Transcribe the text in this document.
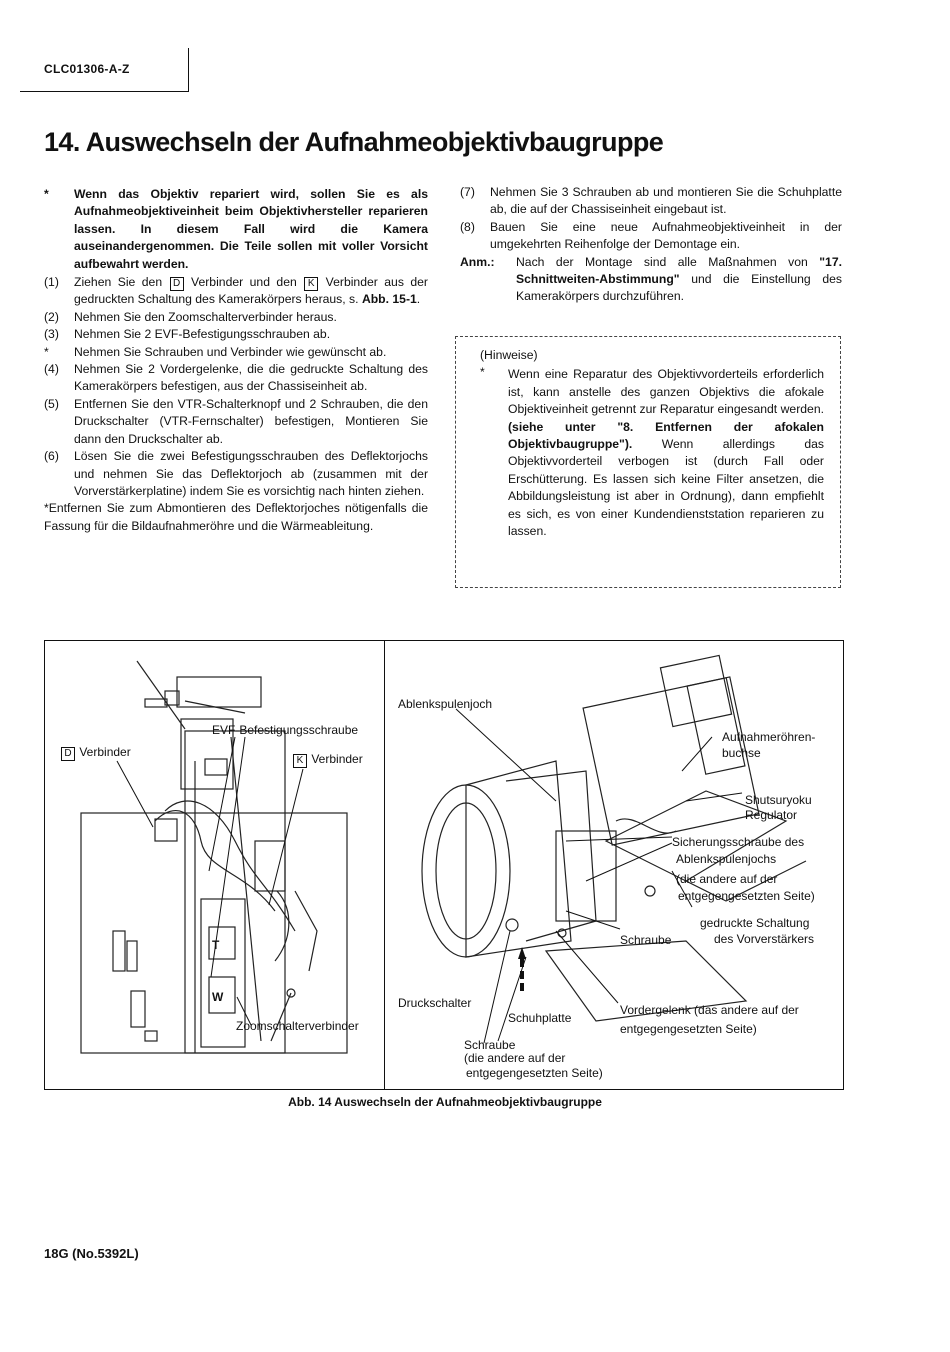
CLC01306-A-Z
14. Auswechseln der Aufnahmeobjektivbaugruppe
* Wenn das Objektiv repariert wird, sollen Sie es als Aufnahmeobjektiveinheit beim Objektivhersteller reparieren lassen. In diesem Fall wird die Kamera auseinandergenommen. Die Teile sollen mit voller Vorsicht aufbewahrt werden.
(1) Ziehen Sie den D Verbinder und den K Verbinder aus der gedruckten Schaltung des Kamerakörpers heraus, s. Abb. 15-1.
(2) Nehmen Sie den Zoomschalterverbinder heraus.
(3) Nehmen Sie 2 EVF-Befestigungsschrauben ab.
* Nehmen Sie Schrauben und Verbinder wie gewünscht ab.
(4) Nehmen Sie 2 Vordergelenke, die die gedruckte Schaltung des Kamerakörpers befestigen, aus der Chassiseinheit ab.
(5) Entfernen Sie den VTR-Schalterknopf und 2 Schrauben, die den Druckschalter (VTR-Fernschalter) befestigen, Montieren Sie dann den Druckschalter ab.
(6) Lösen Sie die zwei Befestigungsschrauben des Deflektorjochs und nehmen Sie das Deflektorjoch ab (zusammen mit der Vorverstärkerplatine) indem Sie es vorsichtig nach hinten ziehen.
*Entfernen Sie zum Abmontieren des Deflektorjoches nötigenfalls die Fassung für die Bildaufnahmeröhre und die Wärmeableitung.
(7) Nehmen Sie 3 Schrauben ab und montieren Sie die Schuhplatte ab, die auf der Chassiseinheit eingebaut ist.
(8) Bauen Sie eine neue Aufnahmeobjektiveinheit in der umgekehrten Reihenfolge der Demontage ein.
Anm.: Nach der Montage sind alle Maßnahmen von "17. Schnittweiten-Abstimmung" und die Einstellung des Kamerakörpers durchzuführen.
(Hinweise)
* Wenn eine Reparatur des Objektivvorderteils erforderlich ist, kann anstelle des ganzen Objektivs die afokale Objektiveinheit getrennt zur Reparatur eingesandt werden. (siehe unter "8. Entfernen der afokalen Objektivbaugruppe"). Wenn allerdings das Objektivvorderteil verbogen ist (durch Fall oder Erschütterung. Es lassen sich keine Filter ansetzen, die Abbildungsleistung ist aber in Ordnung), dann empfiehlt es sich, es von einer Kundendienststation reparieren zu lassen.
D Verbinder
EVF-Befestigungsschraube
K Verbinder
T
W
Zoomschalterverbinder
Ablenkspulenjoch
Aufnahmeröhren-
buchse
Shutsuryoku
Regulator
Sicherungsschraube des
Ablenkspulenjochs
(die andere auf der
entgegengesetzten Seite)
gedruckte Schaltung
des Vorverstärkers
Schraube
Druckschalter
Schuhplatte
Vordergelenk (das andere auf der
entgegengesetzten Seite)
Schraube
(die andere auf der
entgegengesetzten Seite)
Abb. 14 Auswechseln der Aufnahmeobjektivbaugruppe
18G (No.5392L)
